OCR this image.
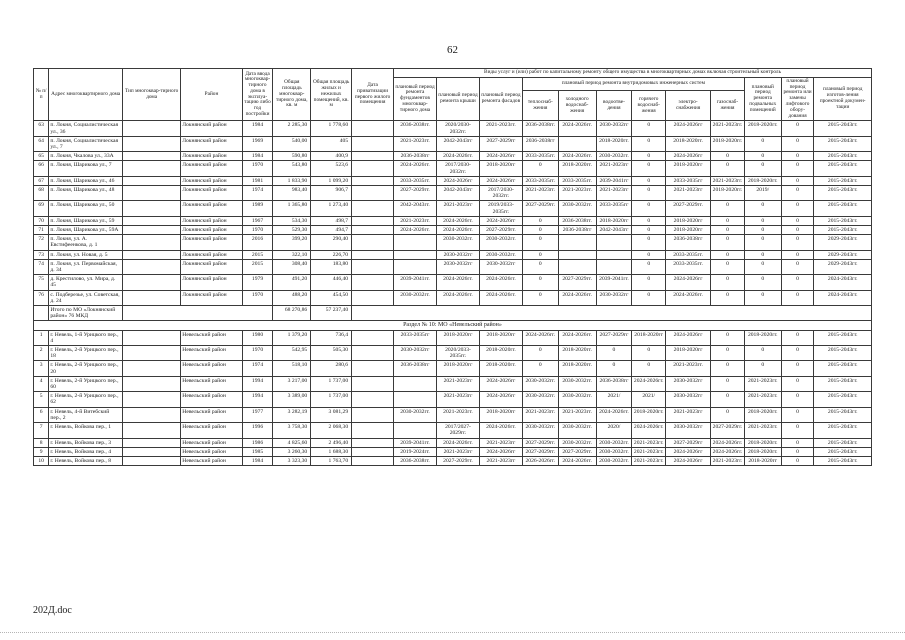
62
№ п/п	Адрес многоквартирного дома	Тип многоквар-тирного дома	Район	Дата ввода многоквар-тирного дома в эксплуа-тацию либо год постройки	Общая площадь многоквар-тирного дома, кв. м	Общая площадь жилых и нежилых помещений, кв. м	Дата приватизации первого жилого помещения	Виды услуг и (или) работ по капитальному ремонту общего имущества в многоквартирных домах включая строительный контроль											
								плановый период ремонта фундаментов многоквар-тирного дома	плановый период ремонта крыши	плановый период ремонта фасадов	плановый период ремонта внутридомовых инженерных систем						плановый период ремонта подвальных помещений	плановый период ремонта или замены лифтового обору-дования	плановый период изготов-ления проектной докумен-тации
											теплоснаб-жения	холодного водоснаб-жения	водоотве-дения	горячего водоснаб-жения	электро-снабжения	газоснаб-жения			
63	п. Локня, Социалистическая ул., 36		Локнянский район	1984	2 285,30	1 778,60		2036-2038гг.	2020/2030-2032гг.	2021-2023гг.	2036-2038гг.	2024-2026гг.	2030-2032гг	0	2024-2026гг	2021-2023гг.	2018-2020гг.	0	2015-2043гг.
64	п. Локня, Социалистическая ул., 7		Локнянский район	1969	540,00	405		2021-2023гг.	2042-2043гг	2027-2029гг	2036-2038гг		2018-2020гг.	0	2018-2020гг.	2018-2020гг.	0	0	2015-2043гг.
65	п. Локня, Чкалова ул., 33А		Локнянский район	1984	590,80	400,9		2036-2038гг	2024-2026гг.	2024-2026гг	2033-2035гг.	2024-2026гг.	2030-2032гг.	0	2024-2026гг	0	0	0	2015-2043гг.
66	п. Локня, Шарикова ул., 7		Локнянский район	1970	543,80	523,6		2024-2026гг.	2017/2030-2032гг.	2018-2020гг	0	2018-2020гг.	2021-2023гг	0	2018-2020гг	0	0	0	2015-2043гг.
67	п. Локня, Шарикова ул., 46		Локнянский район	1981	1 833,90	1 099,20		2033-2035гг.	2024-2026гг	2024-2026гг	2033-2035гг.	2033-2035гг.	2039-2041гг	0	2033-2035гг	2021-2023гг.	2018-2020гг.	0	2015-2043гг.
68	п. Локня, Шарикова ул., 48		Локнянский район	1974	983,40	906,7		2027-2029гг.	2042-2043гг	2017/2030-2032гг.	2021-2023гг.	2021-2023гг.	2021-2023гг	0	2021-2023гг	2018-2020гг.	2019/	0	2015-2043гг.
69	п. Локня, Шарикова ул., 50		Локнянский район	1989	1 365,80	1 273,40		2042-2043гг.	2021-2023гг	2019/2033-2035гг.	2027-2029гг.	2030-2032гг.	2033-2035гг	0	2027-2029гг.	0	0	0	2015-2043гг.
70	п. Локня, Шарикова ул., 59		Локнянский район	1967	534,30	498,7		2021-2023гг.	2024-2026гг.	2024-2026гг	0	2036-2038гг.	2018-2020гг	0	2018-2020гг	0	0	0	2015-2043гг.
71	п. Локня, Шарикова ул., 59А		Локнянский район	1970	529,30	494,7		2024-2026гг.	2024-2026гг.	2027-2029гг.	0	2036-2038гг	2042-2043гг	0	2018-2020гг	0	0	0	2015-2043гг.
72	п. Локня, ул. А. Евстифеенкова, д. 1		Локнянский район	2016	399,20	290,40			2030-2032гг.	2030-2032гг.	0			0	2036-2038гг	0	0	0	2029-2043гг.
73	п. Локня, ул. Новая, д. 5		Локнянский район	2015	322,10	226,70			2030-2032гг	2030-2032гг.	0			0	2033-2035гг.	0	0	0	2029-2043гг.
74	п. Локня, ул. Первомайская, д. 34		Локнянский район	2015	308,40	183,80			2030-2032гг	2030-2032гг	0			0	2033-2035гг.	0	0	0	2029-2043гг.
75	д. Крестилово, ул. Мира, д. 45		Локнянский район	1979	491,20	446,40		2039-2041гг.	2024-2026гг.	2024-2026гг.	0	2027-2029гг.	2039-2041гг.	0	2024-2026гг	0	0	0	2024-2043гг.
76	с. Подберезье, ул. Советская, д. 24		Локнянский район	1970	488,20	454,50		2030-2032гг.	2024-2026гг.	2024-2026гг.	0	2024-2026гг.	2030-2032гг	0	2024-2026гг.	0	0	0	2024-2043гг.
	Итого по МО «Локнянский район» 76 МКД				68 270,86	57 237,40													
Раздел № 10: МО «Невельский район»																			
1	г. Невель, 1-й Урицкого пер., 4		Невельский район	1980	1 379,20	736,4		2033-2035гг	2018-2020гг	2018-2020гг	2024-2026гг.	2024-2026гг.	2027-2029гг	2018-2020гг	2024-2026гг	0	2018-2020гг.	0	2015-2043гг.
2	г. Невель, 2-й Урицкого пер., 18		Невельский район	1970	542,95	505,30		2030-2032гг	2020/2033-2035гг.	2018-2020гг.	0	2018-2020гг.	0	0	2018-2020гг	0	0	0	2015-2043гг.
3	г. Невель, 2-й Урицкого пер., 20		Невельский район	1974	518,10	280,6		2036-2038гг	2018-2020гг	2018-2020гг.	0	2018-2020гг.	0	0	2021-2023гг.	0	0	0	2015-2043гг.
4	г. Невель, 2-й Урицкого пер., 60		Невельский район	1994	3 217,00	1 737,00			2021-2023гг	2024-2026гг	2030-2032гг.	2030-2032гг.	2036-2038гг	2024-2026гг.	2030-2032гг	0	2021-2023гг.	0	2015-2043гг.
5	г. Невель, 2-й Урицкого пер., 62		Невельский район	1994	3 389,00	1 737,00			2021-2023гг	2024-2026гг	2030-2032гг.	2030-2032гг.	2021/	2021/	2030-2032гг	0	2021-2023гг.	0	2015-2043гг.
6	г. Невель, 4-й Витебский пер., 2		Невельский район	1977	3 282,19	3 081,29		2030-2032гг.	2021-2023гг.	2018-2020гг	2021-2023гг.	2021-2023гг.	2024-2026гг.	2018-2020гг.	2021-2023гг	0	2018-2020гг.	0	2015-2043гг.
7	г. Невель, Войкова пер., 1		Невельский район	1996	3 758,30	2 068,30			2017/2027-2029гг.	2024-2026гг.	2030-2032гг.	2030-2032гг.	2020/	2024-2026гг.	2030-2032гг	2027-2029гг.	2021-2023гг.	0	2015-2043гг.
8	г. Невель, Войкова пер., 3		Невельский район	1986	4 825,60	2 496,40		2039-2041гг.	2024-2026гг.	2021-2023гг	2027-2029гг.	2030-2032гг.	2030-2032гг.	2021-2023гг.	2027-2029гг	2024-2026гг.	2018-2020гг.	0	2015-2043гг.
9	г. Невель, Войкова пер., 4		Невельский район	1985	3 260,30	1 688,30		2019-2024гг.	2021-2023гг	2024-2026гг	2027-2029гг.	2027-2029гг.	2030-2032гг.	2021-2023гг.	2024-2026гг	2024-2026гг.	2018-2020гг.	0	2015-2043гг.
10	г. Невель, Войкова пер., 8		Невельский район	1984	3 323,30	1 763,70		2036-2038гг.	2027-2029гг.	2021-2023гг	2026-2026гг.	2024-2026гг.	2030-2032гг.	2021-2023гг.	2024-2026гг	2021-2023гг.	2018-2020гг	0	2015-2043гг.
202Д.doc
